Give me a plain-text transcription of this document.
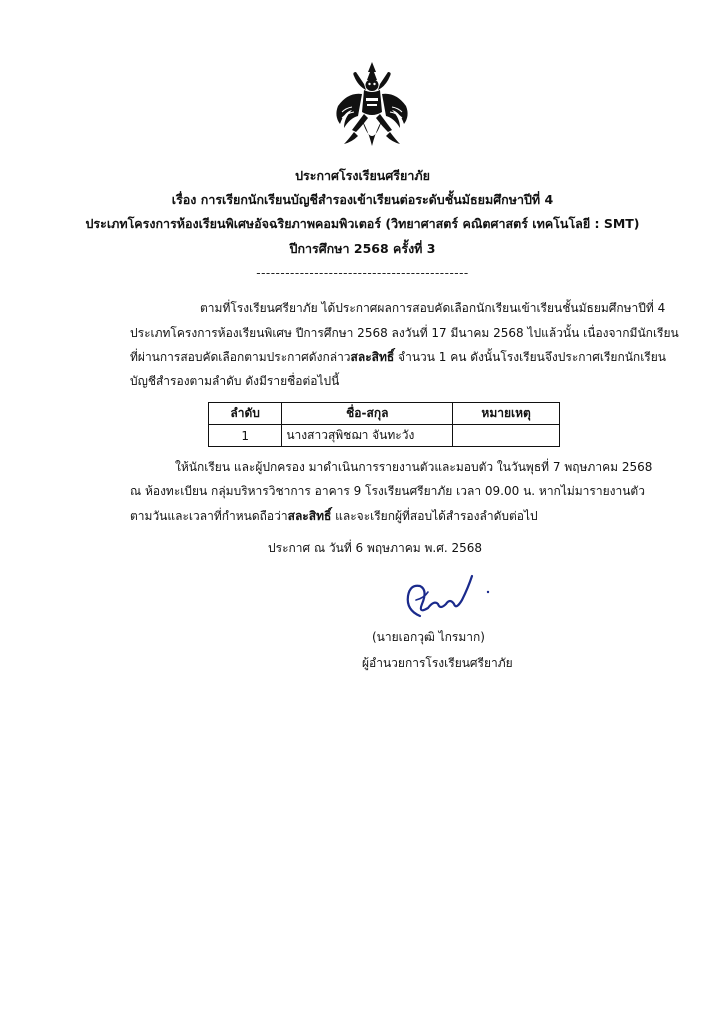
ประกาศโรงเรียนศรียาภัย
เรื่อง การเรียกนักเรียนบัญชีสำรองเข้าเรียนต่อระดับชั้นมัธยมศึกษาปีที่ 4
ประเภทโครงการห้องเรียนพิเศษอัจฉริยภาพคอมพิวเตอร์ (วิทยาศาสตร์ คณิตศาสตร์ เทคโนโลยี : SMT)
ปีการศึกษา 2568 ครั้งที่ 3
--------------------------------------------
ตามที่โรงเรียนศรียาภัย ได้ประกาศผลการสอบคัดเลือกนักเรียนเข้าเรียนชั้นมัธยมศึกษาปีที่ 4
ประเภทโครงการห้องเรียนพิเศษ ปีการศึกษา 2568 ลงวันที่ 17 มีนาคม 2568 ไปแล้วนั้น เนื่องจากมีนักเรียน
ที่ผ่านการสอบคัดเลือกตามประกาศดังกล่าวสละสิทธิ์ จำนวน 1 คน ดังนั้นโรงเรียนจึงประกาศเรียกนักเรียน
บัญชีสำรองตามลำดับ ดังมีรายชื่อต่อไปนี้
ลำดับ	ชื่อ-สกุล	หมายเหตุ
1	นางสาวสุพิชฌา จันทะวัง	
ให้นักเรียน และผู้ปกครอง มาดำเนินการรายงานตัวและมอบตัว ในวันพุธที่ 7 พฤษภาคม 2568
ณ ห้องทะเบียน กลุ่มบริหารวิชาการ อาคาร 9 โรงเรียนศรียาภัย เวลา 09.00 น. หากไม่มารายงานตัว
ตามวันและเวลาที่กำหนดถือว่าสละสิทธิ์ และจะเรียกผู้ที่สอบได้สำรองลำดับต่อไป
ประกาศ ณ วันที่ 6 พฤษภาคม พ.ศ. 2568
(นายเอกวุฒิ ไกรมาก)
ผู้อำนวยการโรงเรียนศรียาภัย
